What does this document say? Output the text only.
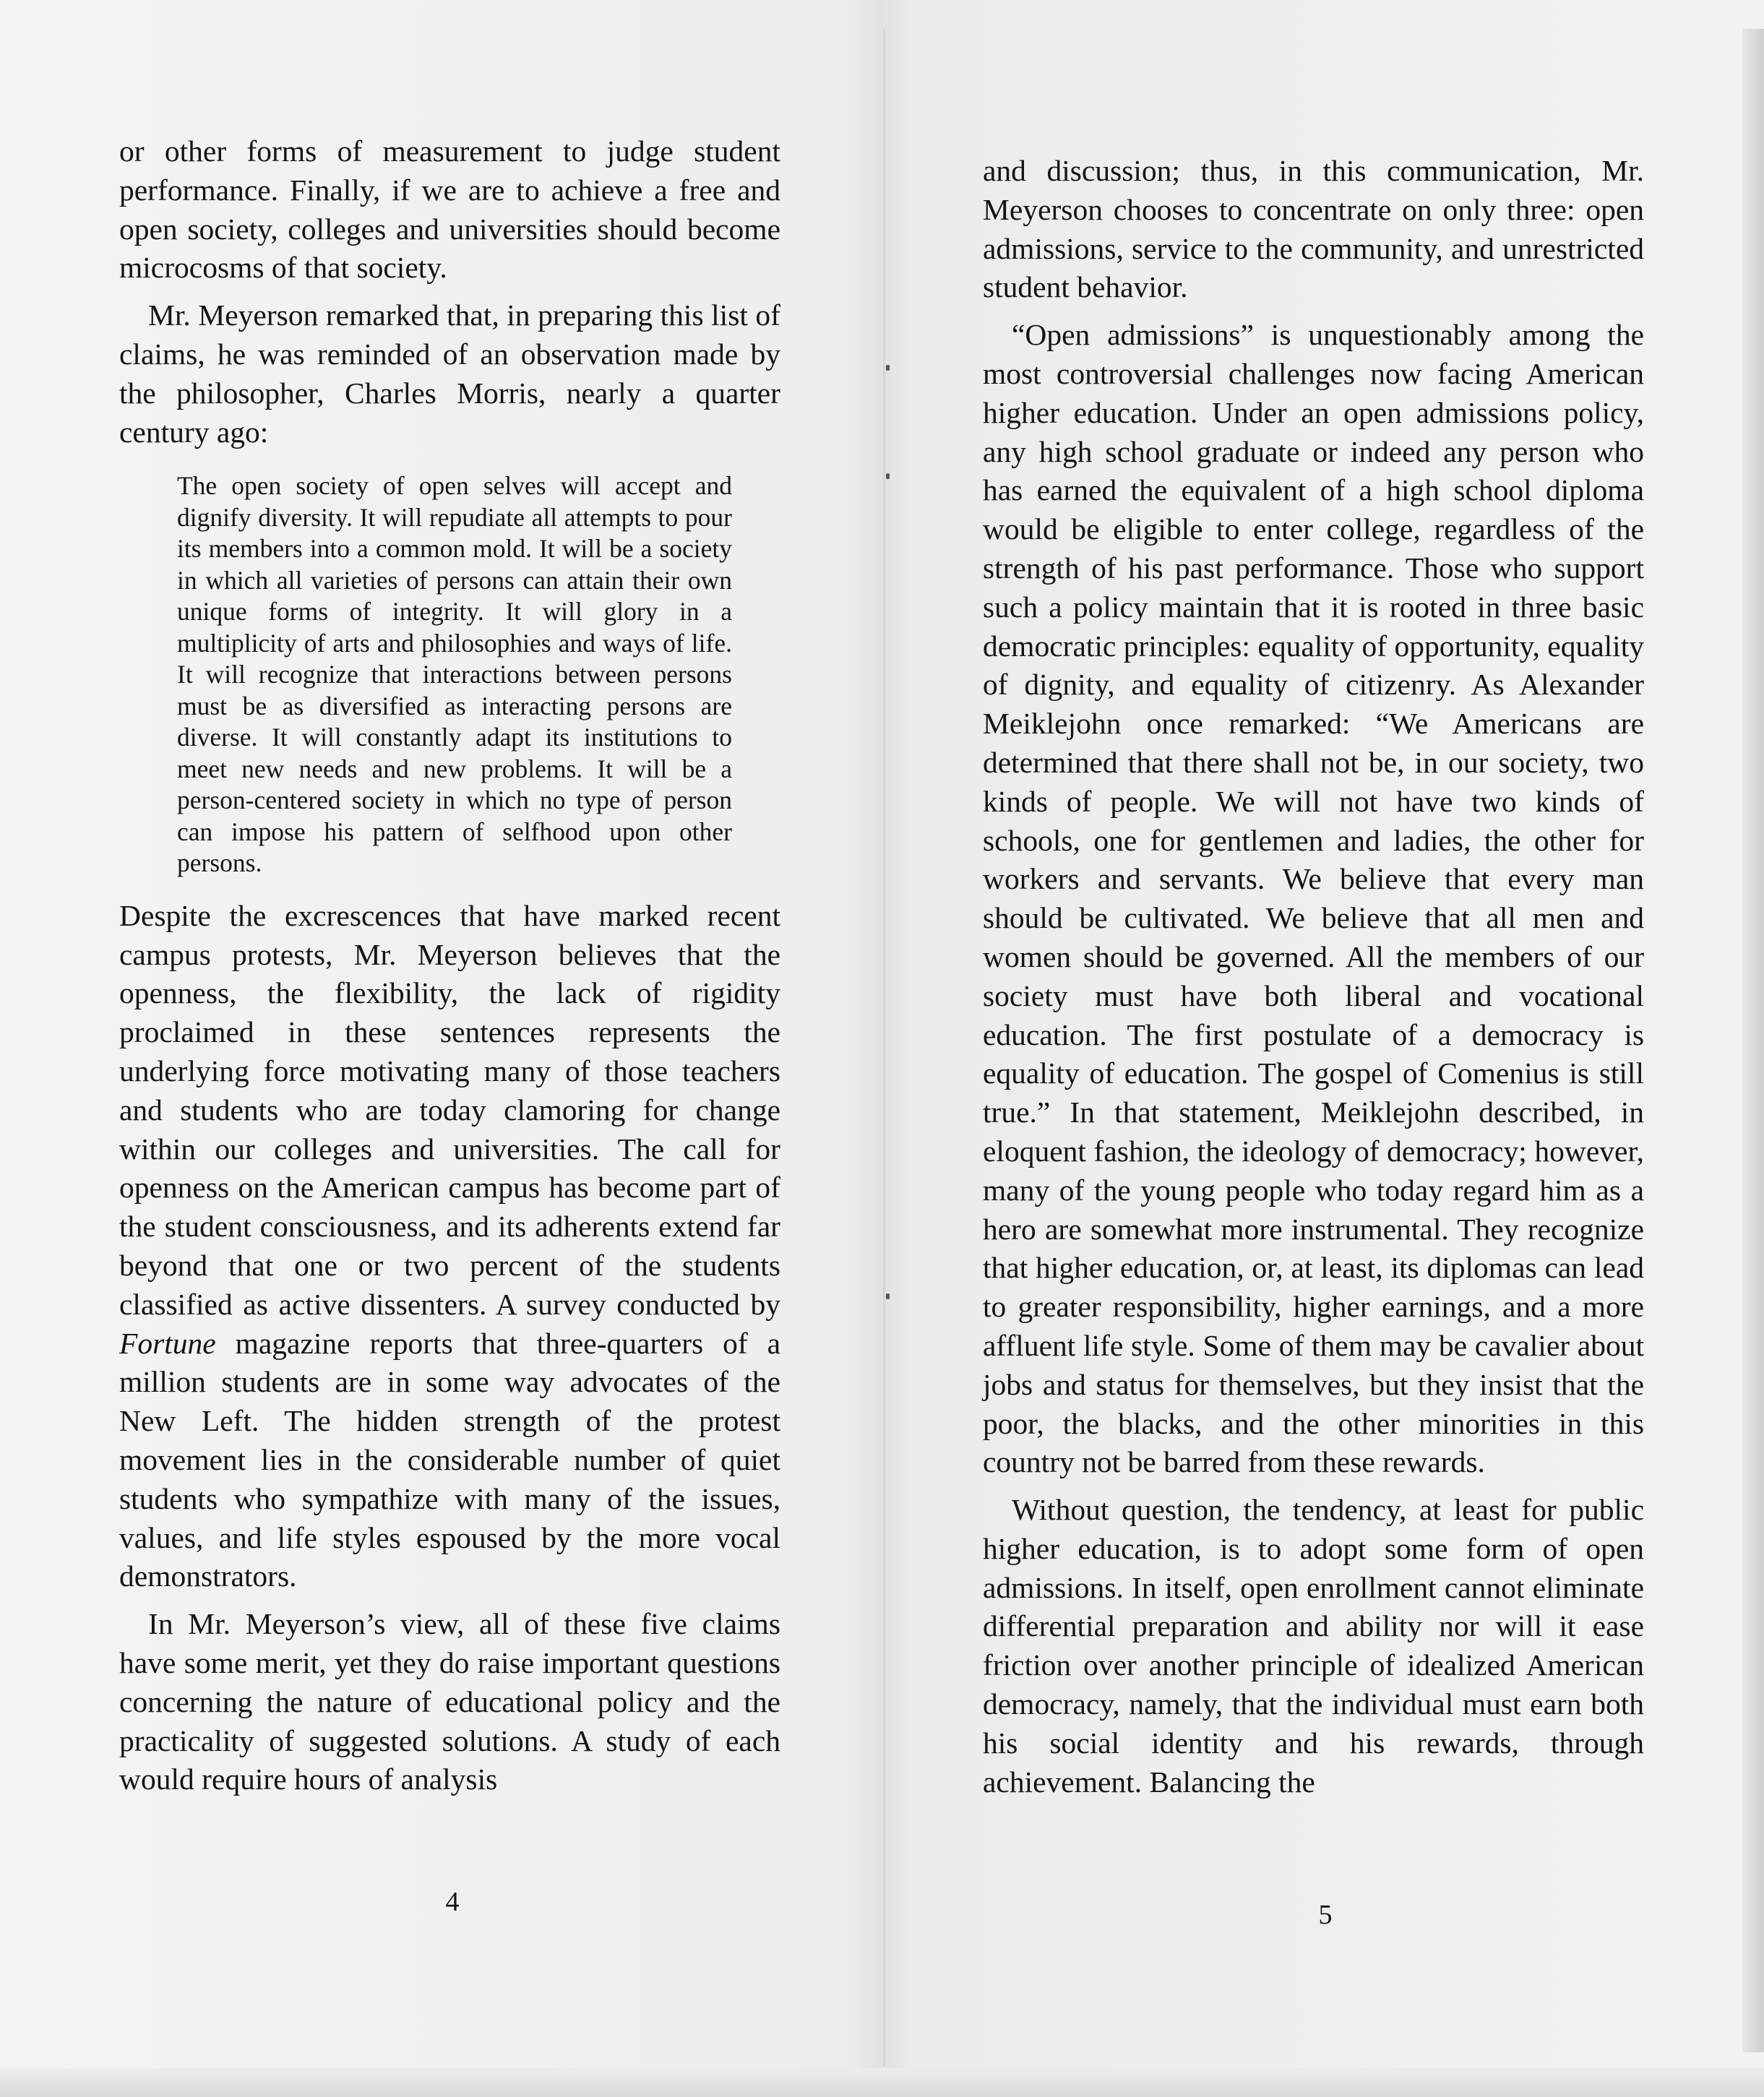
or other forms of measurement to judge student performance. Finally, if we are to achieve a free and open society, colleges and universities should become microcosms of that society.

Mr. Meyerson remarked that, in preparing this list of claims, he was reminded of an observation made by the philosopher, Charles Morris, nearly a quarter century ago:

The open society of open selves will accept and dignify diversity. It will repudiate all attempts to pour its members into a common mold. It will be a society in which all varieties of persons can attain their own unique forms of integrity. It will glory in a multiplicity of arts and philosophies and ways of life. It will recognize that interactions between persons must be as diversified as interacting persons are diverse. It will constantly adapt its institutions to meet new needs and new problems. It will be a person-centered society in which no type of person can impose his pattern of selfhood upon other persons.

Despite the excrescences that have marked recent campus protests, Mr. Meyerson believes that the openness, the flexibility, the lack of rigidity proclaimed in these sentences represents the underlying force motivating many of those teachers and students who are today clamoring for change within our colleges and universities. The call for openness on the American campus has become part of the student consciousness, and its adherents extend far beyond that one or two percent of the students classified as active dissenters. A survey conducted by Fortune magazine reports that three-quarters of a million students are in some way advocates of the New Left. The hidden strength of the protest movement lies in the considerable number of quiet students who sympathize with many of the issues, values, and life styles espoused by the more vocal demonstrators.

In Mr. Meyerson’s view, all of these five claims have some merit, yet they do raise important questions concerning the nature of educational policy and the practicality of suggested solutions. A study of each would require hours of analysis

4

and discussion; thus, in this communication, Mr. Meyerson chooses to concentrate on only three: open admissions, service to the community, and unrestricted student behavior.

“Open admissions” is unquestionably among the most controversial challenges now facing American higher education. Under an open admissions policy, any high school graduate or indeed any person who has earned the equivalent of a high school diploma would be eligible to enter college, regardless of the strength of his past performance. Those who support such a policy maintain that it is rooted in three basic democratic principles: equality of opportunity, equality of dignity, and equality of citizenry. As Alexander Meiklejohn once remarked: “We Americans are determined that there shall not be, in our society, two kinds of people. We will not have two kinds of schools, one for gentlemen and ladies, the other for workers and servants. We believe that every man should be cultivated. We believe that all men and women should be governed. All the members of our society must have both liberal and vocational education. The first postulate of a democracy is equality of education. The gospel of Comenius is still true.” In that statement, Meiklejohn described, in eloquent fashion, the ideology of democracy; however, many of the young people who today regard him as a hero are somewhat more instrumental. They recognize that higher education, or, at least, its diplomas can lead to greater responsibility, higher earnings, and a more affluent life style. Some of them may be cavalier about jobs and status for themselves, but they insist that the poor, the blacks, and the other minorities in this country not be barred from these rewards.

Without question, the tendency, at least for public higher education, is to adopt some form of open admissions. In itself, open enrollment cannot eliminate differential preparation and ability nor will it ease friction over another principle of idealized American democracy, namely, that the individual must earn both his social identity and his rewards, through achievement. Balancing the

5
